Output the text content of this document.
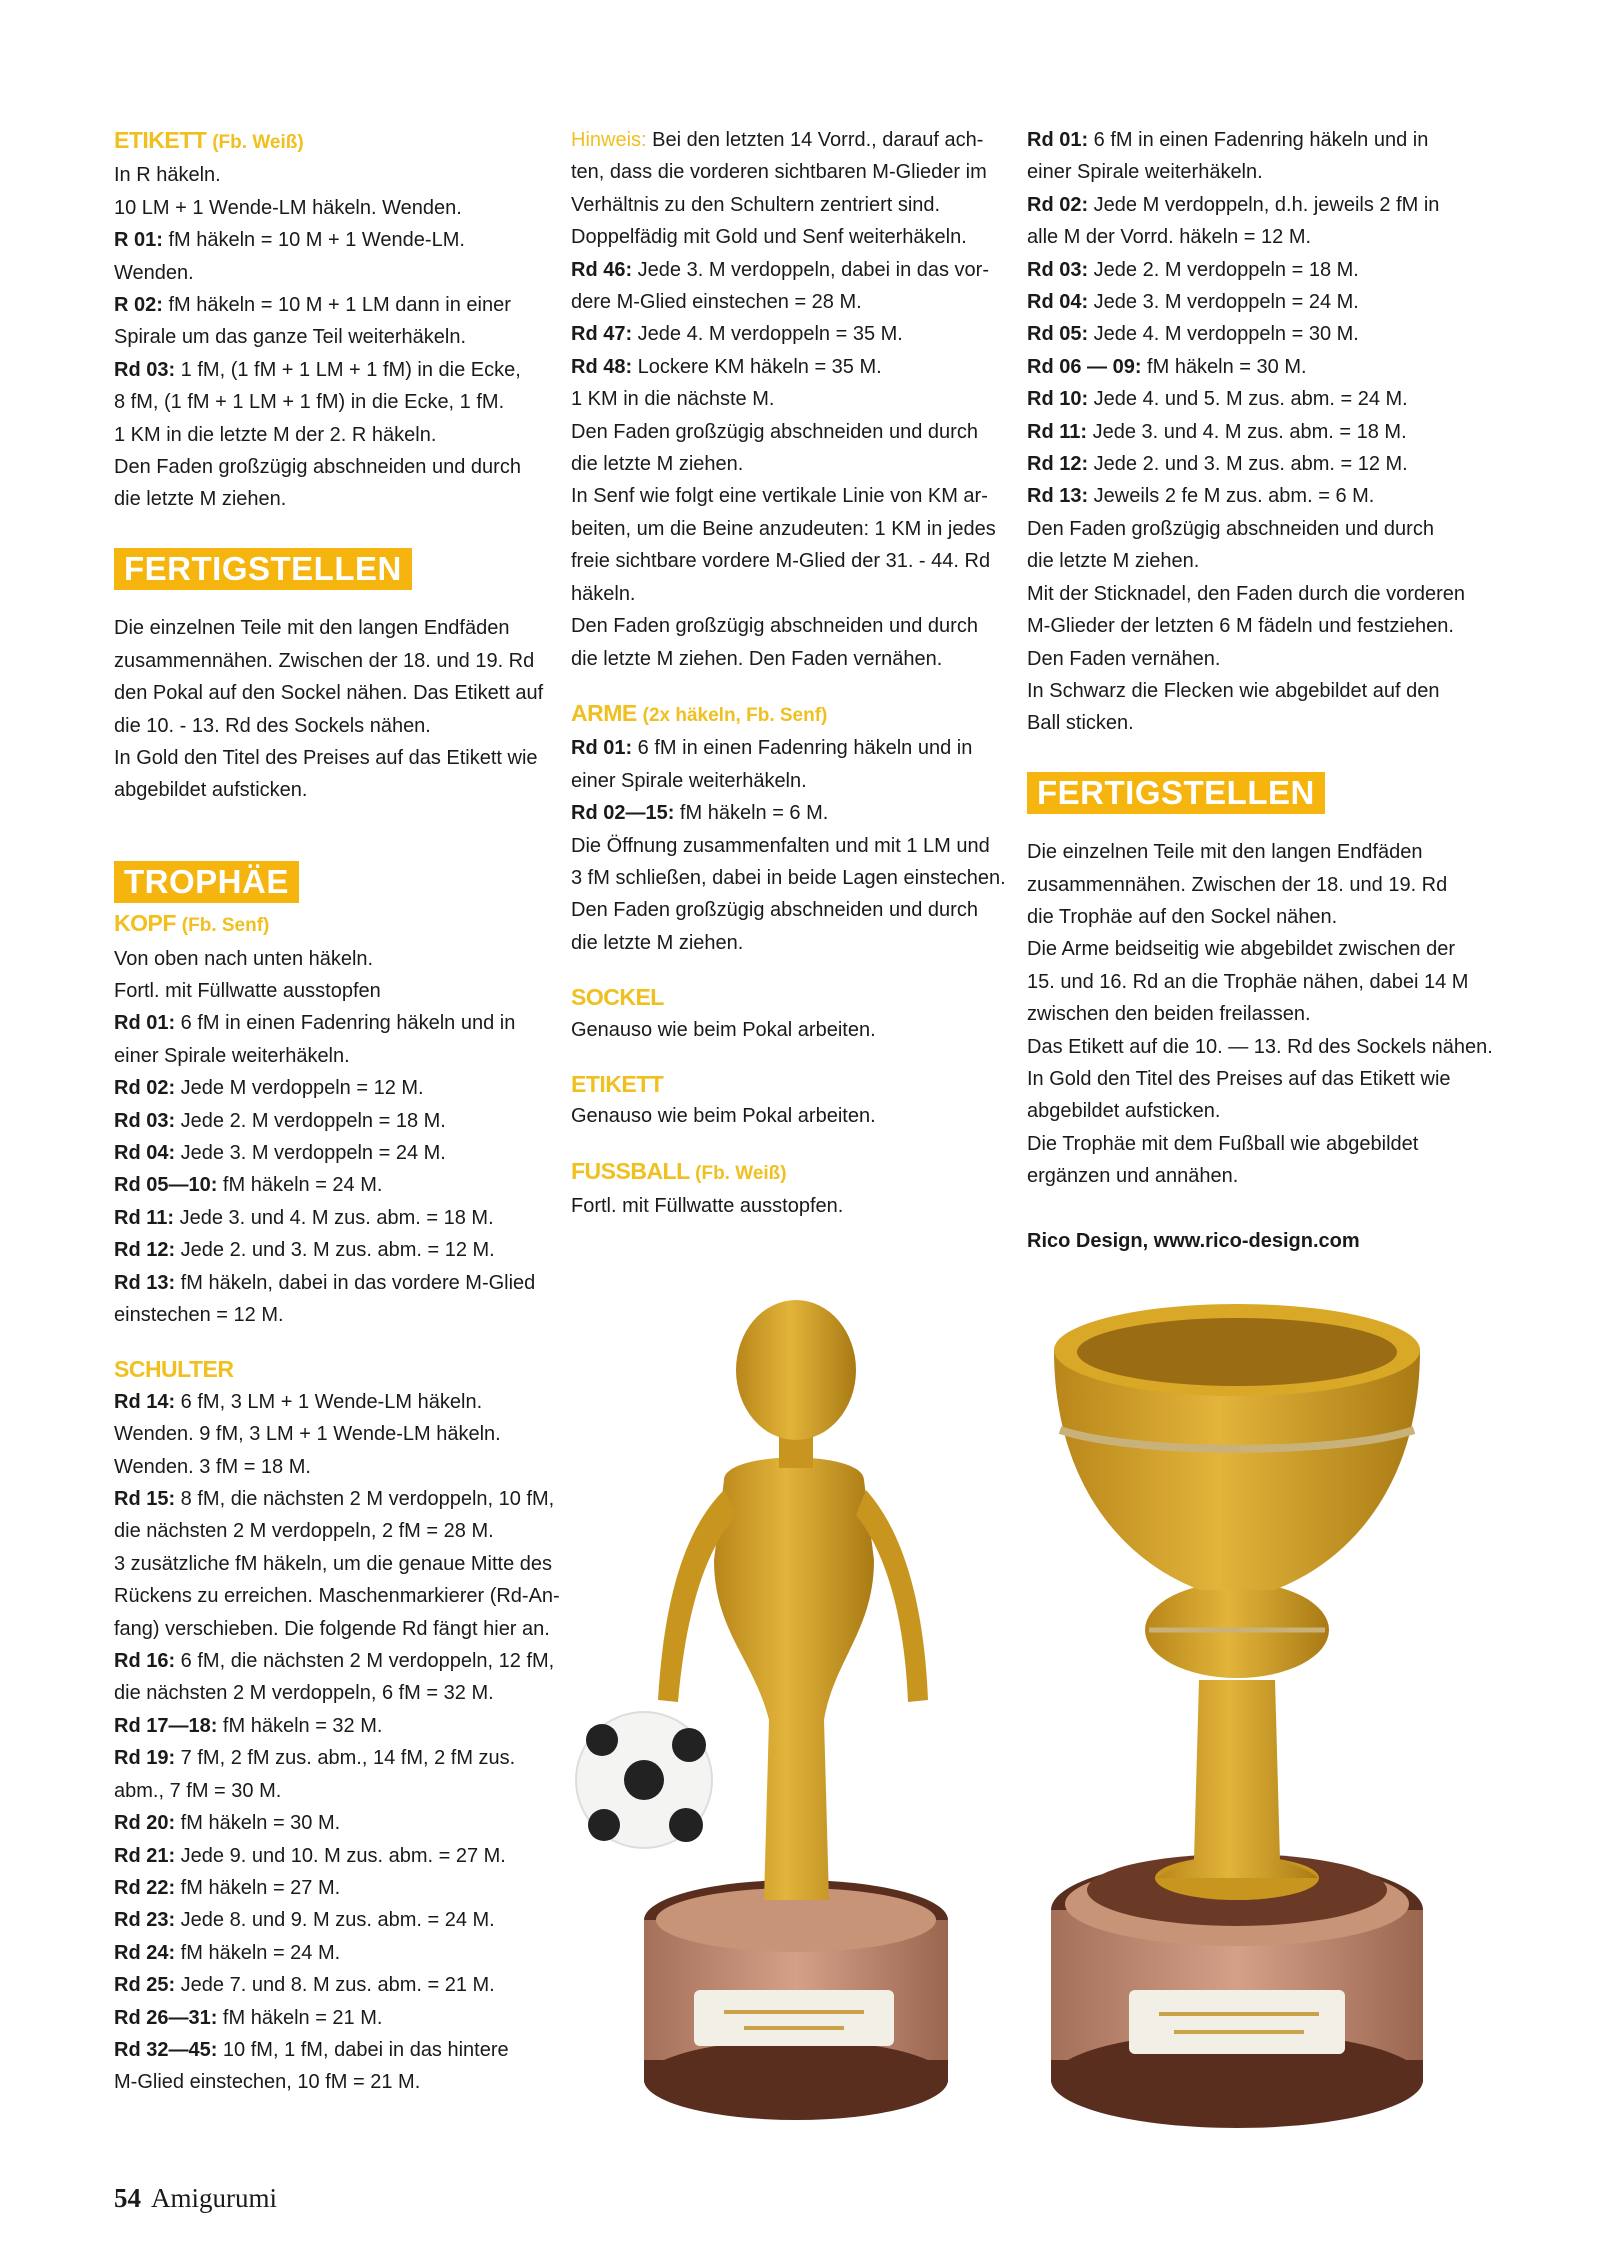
ETIKETT (Fb. Weiß)
In R häkeln.
10 LM + 1 Wende-LM häkeln. Wenden.
R 01: fM häkeln = 10 M + 1 Wende-LM.
Wenden.
R 02: fM häkeln = 10 M + 1 LM dann in einer
Spirale um das ganze Teil weiterhäkeln.
Rd 03: 1 fM, (1 fM + 1 LM + 1 fM) in die Ecke,
8 fM, (1 fM + 1 LM + 1 fM) in die Ecke, 1 fM.
1 KM in die letzte M der 2. R häkeln.
Den Faden großzügig abschneiden und durch
die letzte M ziehen.
FERTIGSTELLEN
Die einzelnen Teile mit den langen Endfäden
zusammennähen. Zwischen der 18. und 19. Rd
den Pokal auf den Sockel nähen. Das Etikett auf
die 10. - 13. Rd des Sockels nähen.
In Gold den Titel des Preises auf das Etikett wie
abgebildet aufsticken.
TROPHÄE
KOPF (Fb. Senf)
Von oben nach unten häkeln.
Fortl. mit Füllwatte ausstopfen
Rd 01: 6 fM in einen Fadenring häkeln und in
einer Spirale weiterhäkeln.
Rd 02: Jede M verdoppeln = 12 M.
Rd 03: Jede 2. M verdoppeln = 18 M.
Rd 04: Jede 3. M verdoppeln = 24 M.
Rd 05—10: fM häkeln = 24 M.
Rd 11: Jede 3. und 4. M zus. abm. = 18 M.
Rd 12: Jede 2. und 3. M zus. abm. = 12 M.
Rd 13: fM häkeln, dabei in das vordere M-Glied
einstechen = 12 M.
SCHULTER
Rd 14: 6 fM, 3 LM + 1 Wende-LM häkeln.
Wenden. 9 fM, 3 LM + 1 Wende-LM häkeln.
Wenden. 3 fM = 18 M.
Rd 15: 8 fM, die nächsten 2 M verdoppeln, 10 fM,
die nächsten 2 M verdoppeln, 2 fM = 28 M.
3 zusätzliche fM häkeln, um die genaue Mitte des
Rückens zu erreichen. Maschenmarkierer (Rd-An-
fang) verschieben. Die folgende Rd fängt hier an.
Rd 16: 6 fM, die nächsten 2 M verdoppeln, 12 fM,
die nächsten 2 M verdoppeln, 6 fM = 32 M.
Rd 17—18: fM häkeln = 32 M.
Rd 19: 7 fM, 2 fM zus. abm., 14 fM, 2 fM zus.
abm., 7 fM = 30 M.
Rd 20: fM häkeln = 30 M.
Rd 21: Jede 9. und 10. M zus. abm. = 27 M.
Rd 22: fM häkeln = 27 M.
Rd 23: Jede 8. und 9. M zus. abm. = 24 M.
Rd 24: fM häkeln = 24 M.
Rd 25: Jede 7. und 8. M zus. abm. = 21 M.
Rd 26—31: fM häkeln = 21 M.
Rd 32—45: 10 fM, 1 fM, dabei in das hintere
M-Glied einstechen, 10 fM = 21 M.
Hinweis: Bei den letzten 14 Vorrd., darauf ach-
ten, dass die vorderen sichtbaren M-Glieder im
Verhältnis zu den Schultern zentriert sind.
Doppelfädig mit Gold und Senf weiterhäkeln.
Rd 46: Jede 3. M verdoppeln, dabei in das vor-
dere M-Glied einstechen = 28 M.
Rd 47: Jede 4. M verdoppeln = 35 M.
Rd 48: Lockere KM häkeln = 35 M.
1 KM in die nächste M.
Den Faden großzügig abschneiden und durch
die letzte M ziehen.
In Senf wie folgt eine vertikale Linie von KM ar-
beiten, um die Beine anzudeuten: 1 KM in jedes
freie sichtbare vordere M-Glied der 31. - 44. Rd
häkeln.
Den Faden großzügig abschneiden und durch
die letzte M ziehen. Den Faden vernähen.
ARME (2x häkeln, Fb. Senf)
Rd 01: 6 fM in einen Fadenring häkeln und in
einer Spirale weiterhäkeln.
Rd 02—15: fM häkeln = 6 M.
Die Öffnung zusammenfalten und mit 1 LM und
3 fM schließen, dabei in beide Lagen einstechen.
Den Faden großzügig abschneiden und durch
die letzte M ziehen.
SOCKEL
Genauso wie beim Pokal arbeiten.
ETIKETT
Genauso wie beim Pokal arbeiten.
FUSSBALL (Fb. Weiß)
Fortl. mit Füllwatte ausstopfen.
Rd 01: 6 fM in einen Fadenring häkeln und in
einer Spirale weiterhäkeln.
Rd 02: Jede M verdoppeln, d.h. jeweils 2 fM in
alle M der Vorrd. häkeln = 12 M.
Rd 03: Jede 2. M verdoppeln = 18 M.
Rd 04: Jede 3. M verdoppeln = 24 M.
Rd 05: Jede 4. M verdoppeln = 30 M.
Rd 06 — 09: fM häkeln = 30 M.
Rd 10: Jede 4. und 5. M zus. abm. = 24 M.
Rd 11: Jede 3. und 4. M zus. abm. = 18 M.
Rd 12: Jede 2. und 3. M zus. abm. = 12 M.
Rd 13: Jeweils 2 fe M zus. abm. = 6 M.
Den Faden großzügig abschneiden und durch
die letzte M ziehen.
Mit der Sticknadel, den Faden durch die vorderen
M-Glieder der letzten 6 M fädeln und festziehen.
Den Faden vernähen.
In Schwarz die Flecken wie abgebildet auf den
Ball sticken.
FERTIGSTELLEN
Die einzelnen Teile mit den langen Endfäden
zusammennähen. Zwischen der 18. und 19. Rd
die Trophäe auf den Sockel nähen.
Die Arme beidseitig wie abgebildet zwischen der
15. und 16. Rd an die Trophäe nähen, dabei 14 M
zwischen den beiden freilassen.
Das Etikett auf die 10. — 13. Rd des Sockels nähen.
In Gold den Titel des Preises auf das Etikett wie
abgebildet aufsticken.
Die Trophäe mit dem Fußball wie abgebildet
ergänzen und annähen.
Rico Design, www.rico-design.com
54 Amigurumi
